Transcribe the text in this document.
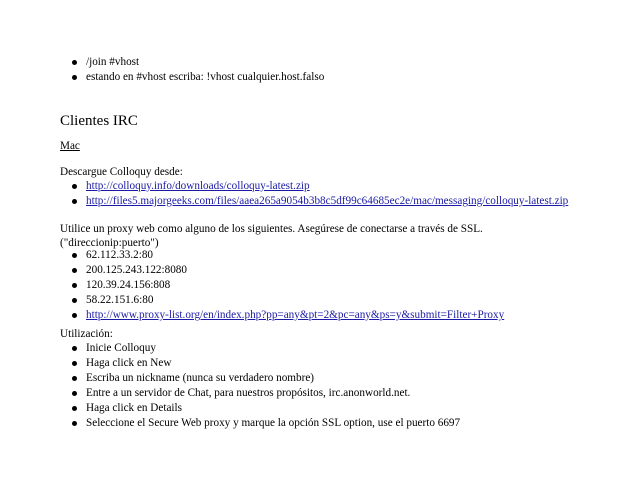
/join #vhost
estando en #vhost escriba: !vhost cualquier.host.falso
Clientes IRC
Mac
Descargue Colloquy desde:
http://colloquy.info/downloads/colloquy-latest.zip
http://files5.majorgeeks.com/files/aaea265a9054b3b8c5df99c64685ec2e/mac/messaging/colloquy-latest.zip
Utilice un proxy web como alguno de los siguientes. Asegúrese de conectarse a través de SSL.
("direccionip:puerto")
62.112.33.2:80
200.125.243.122:8080
120.39.24.156:808
58.22.151.6:80
http://www.proxy-list.org/en/index.php?pp=any&pt=2&pc=any&ps=y&submit=Filter+Proxy
Utilización:
Inicie Colloquy
Haga click en New
Escriba un nickname (nunca su verdadero nombre)
Entre a un servidor de Chat, para nuestros propósitos, irc.anonworld.net.
Haga click en Details
Seleccione el Secure Web proxy y marque la opción SSL option, use el puerto 6697
